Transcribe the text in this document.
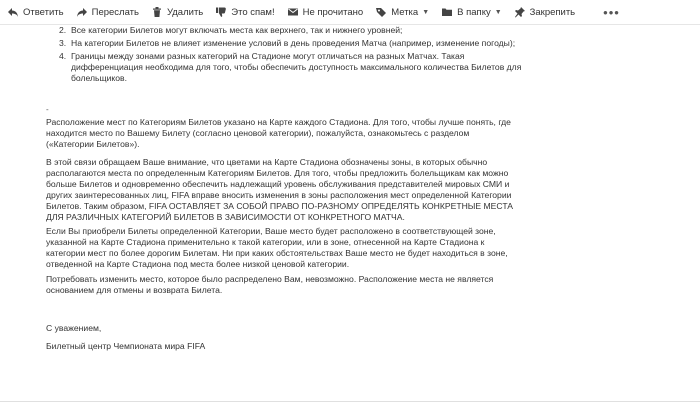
Ответить	Переслать	Удалить	Это спам!	Не прочитано	Метка ▼	В папку ▼	Закрепить	•••
2. Все категории Билетов могут включать места как верхнего, так и нижнего уровней;
3. На категории Билетов не влияет изменение условий в день проведения Матча (например, изменение погоды);
4. Границы между зонами разных категорий на Стадионе могут отличаться на разных Матчах. Такая дифференциация необходима для того, чтобы обеспечить доступность максимального количества Билетов для болельщиков.
-

Расположение мест по Категориям Билетов указано на Карте каждого Стадиона. Для того, чтобы лучше понять, где находится место по Вашему Билету (согласно ценовой категории), пожалуйста, ознакомьтесь с разделом («Категории Билетов»).

В этой связи обращаем Ваше внимание, что цветами на Карте Стадиона обозначены зоны, в которых обычно располагаются места по определенным Категориям Билетов. Для того, чтобы предложить болельщикам как можно больше Билетов и одновременно обеспечить надлежащий уровень обслуживания представителей мировых СМИ и других заинтересованных лиц, FIFA вправе вносить изменения в зоны расположения мест определенной Категории Билетов. Таким образом, FIFA ОСТАВЛЯЕТ ЗА СОБОЙ ПРАВО ПО-РАЗНОМУ ОПРЕДЕЛЯТЬ КОНКРЕТНЫЕ МЕСТА ДЛЯ РАЗЛИЧНЫХ КАТЕГОРИЙ БИЛЕТОВ В ЗАВИСИМОСТИ ОТ КОНКРЕТНОГО МАТЧА.

Если Вы приобрели Билеты определенной Категории, Ваше место будет расположено в соответствующей зоне, указанной на Карте Стадиона применительно к такой категории, или в зоне, отнесенной на Карте Стадиона к категории мест по более дорогим Билетам. Ни при каких обстоятельствах Ваше место не будет находиться в зоне, отведенной на Карте Стадиона под места более низкой ценовой категории.

Потребовать изменить место, которое было распределено Вам, невозможно. Расположение места не является основанием для отмены и возврата Билета.

С уважением,

Билетный центр Чемпионата мира FIFA
